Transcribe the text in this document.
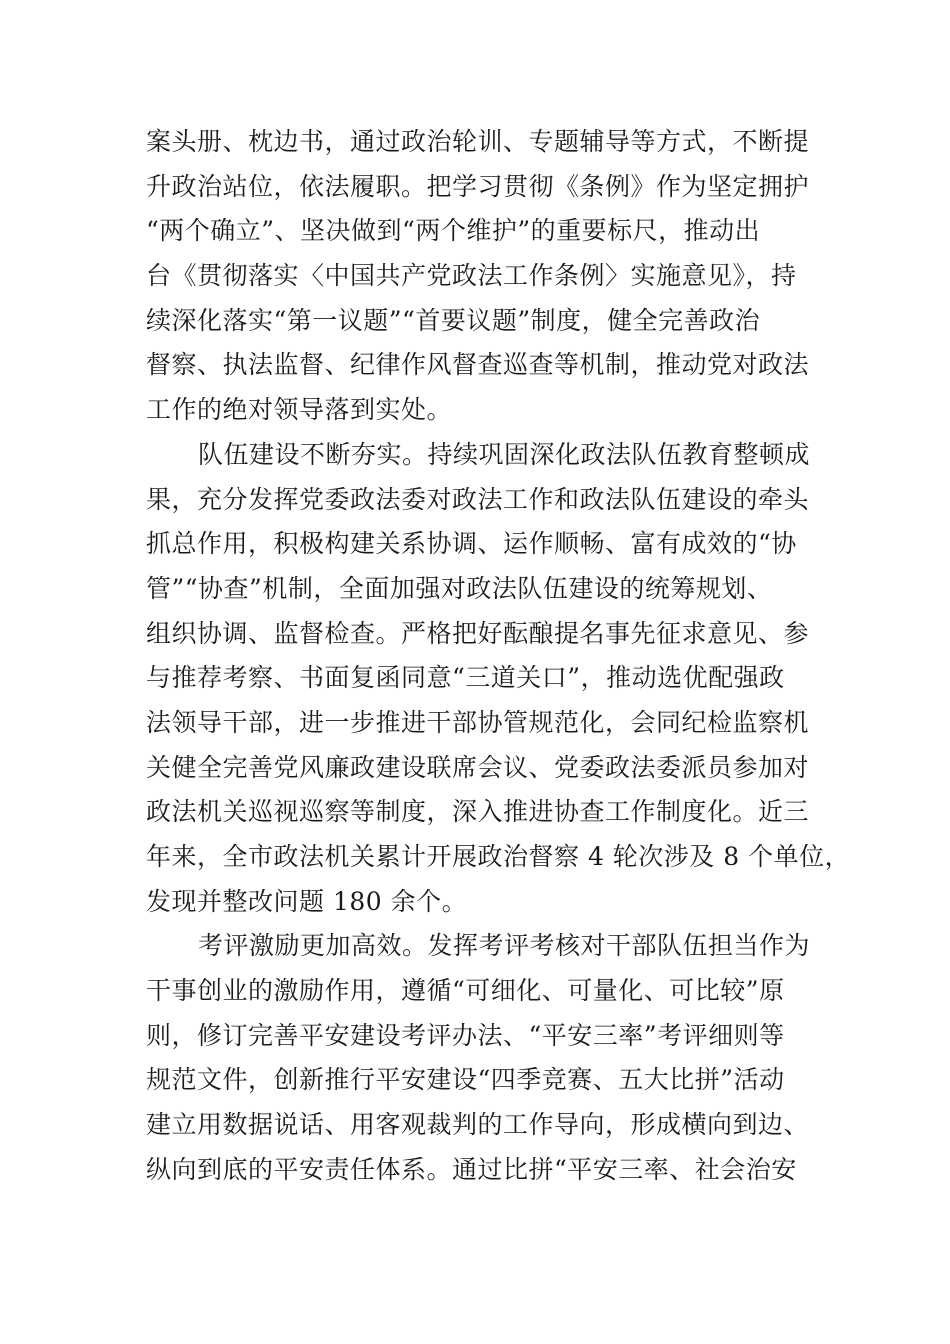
案头册、枕边书，通过政治轮训、专题辅导等方式，不断提
升政治站位，依法履职。把学习贯彻《条例》作为坚定拥护
“两个确立”、坚决做到“两个维护”的重要标尺，推动出
台《贯彻落实〈中国共产党政法工作条例〉实施意见》，持
续深化落实“第一议题”“首要议题”制度，健全完善政治
督察、执法监督、纪律作风督查巡查等机制，推动党对政法
工作的绝对领导落到实处。
队伍建设不断夯实。持续巩固深化政法队伍教育整顿成
果，充分发挥党委政法委对政法工作和政法队伍建设的牵头
抓总作用，积极构建关系协调、运作顺畅、富有成效的“协
管”“协查”机制，全面加强对政法队伍建设的统筹规划、
组织协调、监督检查。严格把好酝酿提名事先征求意见、参
与推荐考察、书面复函同意“三道关口”，推动选优配强政
法领导干部，进一步推进干部协管规范化，会同纪检监察机
关健全完善党风廉政建设联席会议、党委政法委派员参加对
政法机关巡视巡察等制度，深入推进协查工作制度化。近三
年来，全市政法机关累计开展政治督察 4 轮次涉及 8 个单位，
发现并整改问题 180 余个。
考评激励更加高效。发挥考评考核对干部队伍担当作为
干事创业的激励作用，遵循“可细化、可量化、可比较”原
则，修订完善平安建设考评办法、“平安三率”考评细则等
规范文件，创新推行平安建设“四季竞赛、五大比拼”活动
建立用数据说话、用客观裁判的工作导向，形成横向到边、
纵向到底的平安责任体系。通过比拼“平安三率、社会治安
